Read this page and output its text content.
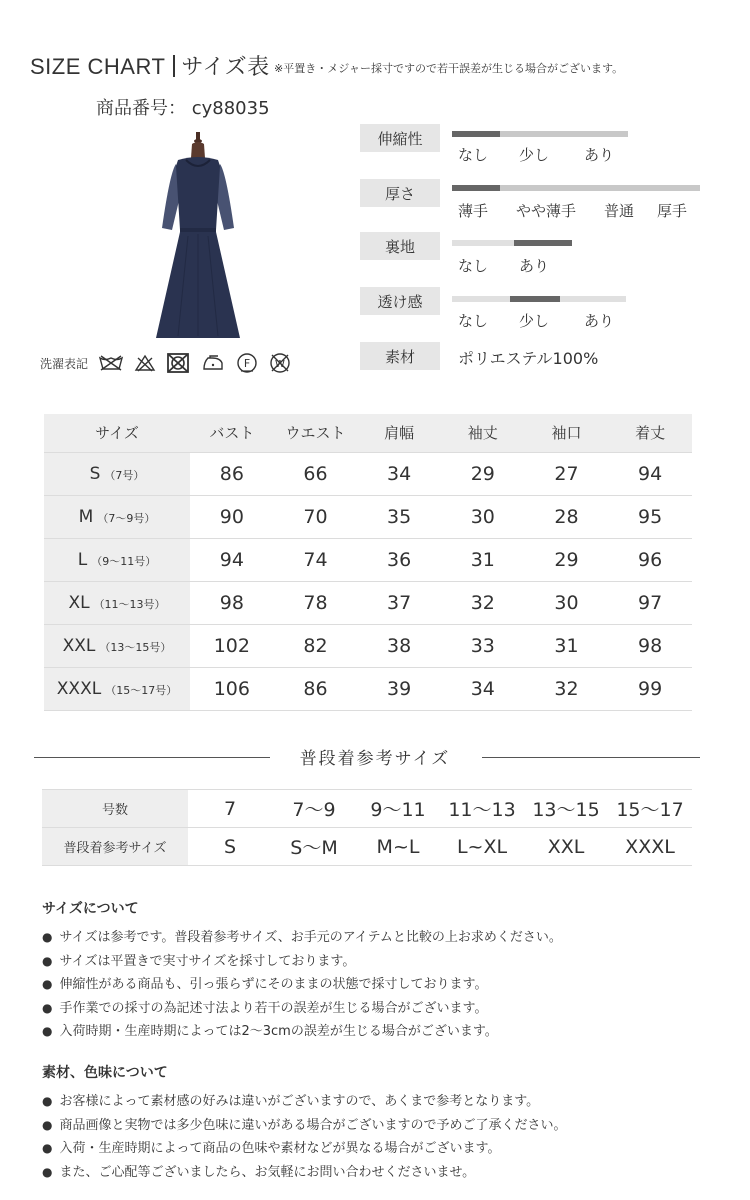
SIZE CHART サイズ表 ※平置き・メジャー採寸ですので若干誤差が生じる場合がございます。
商品番号： cy88035
洗濯表記	F W
伸縮性
なし 少し あり
厚さ
薄手 やや薄手 普通 厚手
裏地
なし あり
透け感
なし 少し あり
素材	ポリエステル100%
サイズ	バスト	ウエスト	肩幅	袖丈	袖口	着丈
S （7号）	86	66	34	29	27	94
M （7～9号）	90	70	35	30	28	95
L （9～11号）	94	74	36	31	29	96
XL （11～13号）	98	78	37	32	30	97
XXL （13～15号）	102	82	38	33	31	98
XXXL （15～17号）	106	86	39	34	32	99
普段着参考サイズ
号数	7	7～9	9～11	11～13	13～15	15～17
普段着参考サイズ	S	S～M	M~L	L~XL	XXL	XXXL
サイズについて
● サイズは参考です。普段着参考サイズ、お手元のアイテムと比較の上お求めください。
● サイズは平置きで実寸サイズを採寸しております。
● 伸縮性がある商品も、引っ張らずにそのままの状態で採寸しております。
● 手作業での採寸の為記述寸法より若干の誤差が生じる場合がございます。
● 入荷時期・生産時期によっては2～3cmの誤差が生じる場合がございます。
素材、色味について
● お客様によって素材感の好みは違いがございますので、あくまで参考となります。
● 商品画像と実物では多少色味に違いがある場合がございますので予めご了承ください。
● 入荷・生産時期によって商品の色味や素材などが異なる場合がございます。
● また、ご心配等ございましたら、お気軽にお問い合わせくださいませ。
